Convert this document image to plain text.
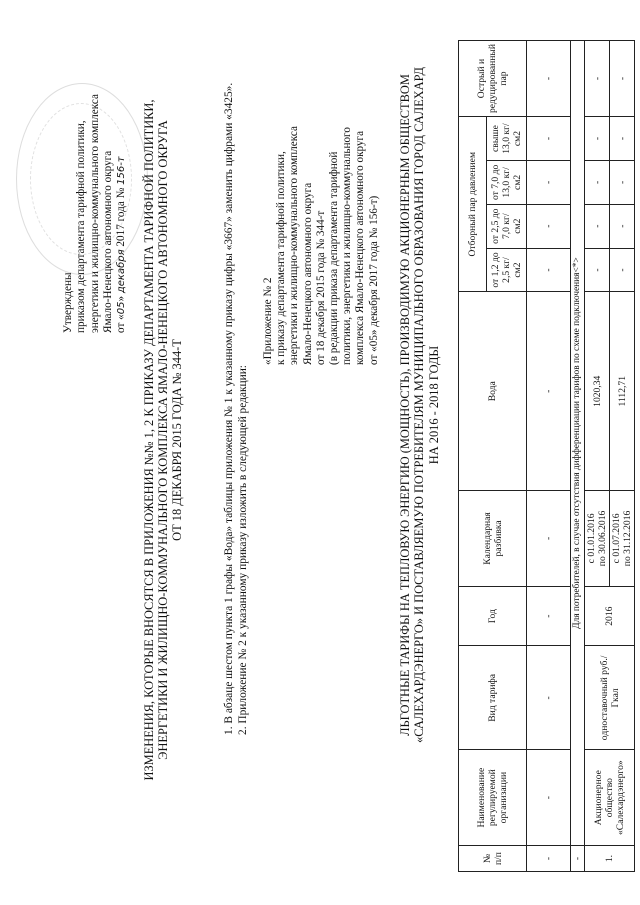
Утверждены приказом департамента тарифной политики, энергетики и жилищно-коммунального комплекса Ямало-Ненецкого автономного округа от «05» декабря 2017 года № 156-т ИЗМЕНЕНИЯ, КОТОРЫЕ ВНОСЯТСЯ В ПРИЛОЖЕНИЯ №№ 1, 2 К ПРИКАЗУ ДЕПАРТАМЕНТА ТАРИФНОЙ ПОЛИТИКИ, ЭНЕРГЕТИКИ И ЖИЛИЩНО-КОММУНАЛЬНОГО КОМПЛЕКСА ЯМАЛО-НЕНЕЦКОГО АВТОНОМНОГО ОКРУГА ОТ 18 ДЕКАБРЯ 2015 ГОДА № 344-Т	1. В абзаце шестом пункта 1 графы «Вода» таблицы приложения № 1 к указанному приказу цифры «3667» заменить цифрами «3425». 2. Приложение № 2 к указанному приказу изложить в следующей редакции:
«Приложение № 2 к приказу департамента тарифной политики, энергетики и жилищно-коммунального комплекса Ямало-Ненецкого автономного округа от 18 декабря 2015 года № 344-т (в редакции приказа департамента тарифной политики, энергетики и жилищно-коммунального комплекса Ямало-Ненецкого автономного округа от «05» декабря 2017 года № 156-т) ЛЬГОТНЫЕ ТАРИФЫ НА ТЕПЛОВУЮ ЭНЕРГИЮ (МОЩНОСТЬ), ПРОИЗВОДИМУЮ АКЦИОНЕРНЫМ ОБЩЕСТВОМ «САЛЕХАРДЭНЕРГО» И ПОСТАВЛЯЕМУЮ ПОТРЕБИТЕЛЯМ МУНИЦИПАЛЬНОГО ОБРАЗОВАНИЯ ГОРОД САЛЕХАРД НА 2016 - 2018 ГОДЫ
№ п/п	Наименование регулируемой организации	Вид тарифа	Год	Календарная разбивка	Вода	Отборный пар давлением				Острый и редуцированный пар
						от 1,2 до 2,5 кг/см2	от 2,5 до 7,0 кг/см2	от 7,0 до 13,0 кг/см2	свыше 13,0 кг/см2	
-	-	-	-	-	-	-	-	-	-	-
-	Для потребителей, в случае отсутствия дифференциации тарифов по схеме подключения<*>									
1.	Акционерное общество «Салехардэнерго»	одноставочный руб./Гкал	2016	с 01.01.2016 по 30.06.2016	1020,34	-	-	-	-	-

				с 01.07.2016 по 31.12.2016	1112,71	-	-	-	-	-
